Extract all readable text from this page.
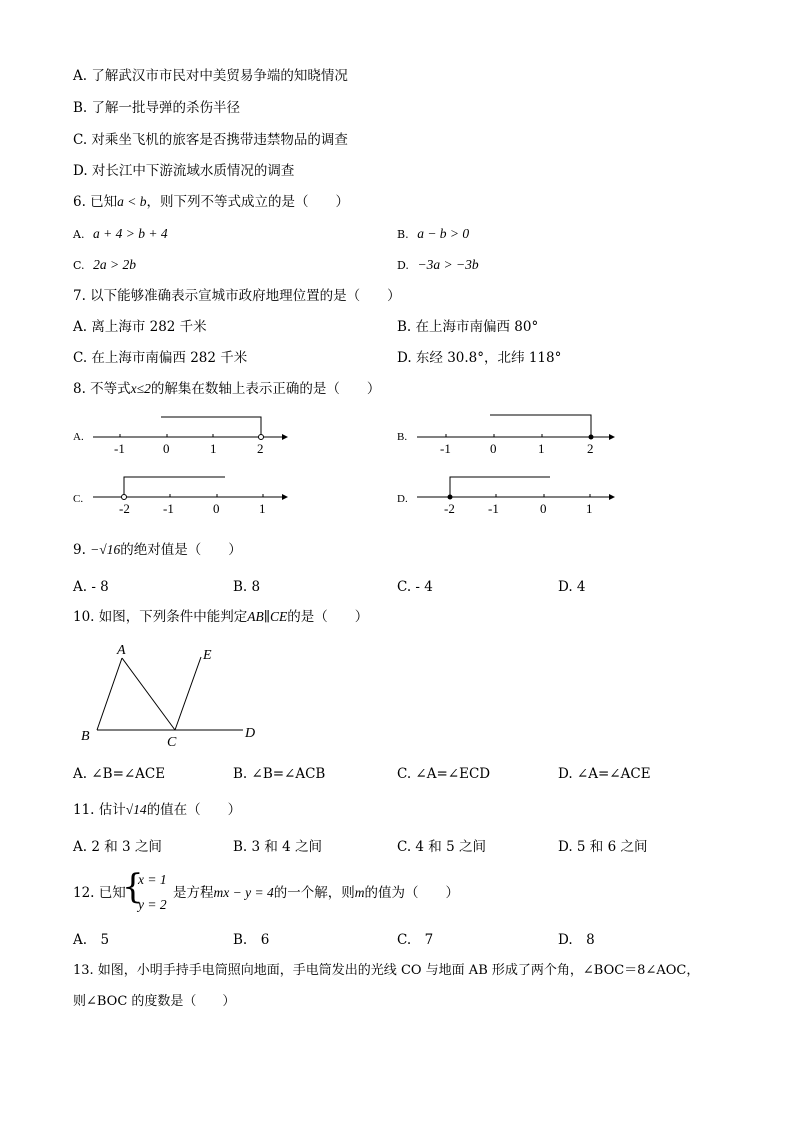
A. 了解武汉市市民对中美贸易争端的知晓情况
B. 了解一批导弹的杀伤半径
C. 对乘坐飞机的旅客是否携带违禁物品的调查
D. 对长江中下游流域水质情况的调查
6. 已知a < b，则下列不等式成立的是（　　）
A. a + 4 > b + 4	B. a − b > 0
C. 2a > 2b	D. −3a > −3b
7. 以下能够准确表示宣城市政府地理位置的是（　　）
A. 离上海市 282 千米	B. 在上海市南偏西 80°
C. 在上海市南偏西 282 千米	D. 东经 30.8°，北纬 118°
8. 不等式x≤2的解集在数轴上表示正确的是（　　）
A.
-1	0	1	2
B.
-1	0	1	2
C.
-2	-1	0	1
D.
-2	-1	0	1
9. −√16的绝对值是（　　）
A. - 8	B. 8	C. - 4	D. 4
10. 如图，下列条件中能判定AB∥CE的是（　　）
A	E
B	C
D
A. ∠B=∠ACE	B. ∠B=∠ACB	C. ∠A=∠ECD	D. ∠A=∠ACE
11. 估计√14的值在（　　）
A. 2 和 3 之间	B. 3 和 4 之间	C. 4 和 5 之间	D. 5 和 6 之间
12. 已知
{
x = 1
y = 2
是方程mx − y = 4的一个解，则m的值为（　　）
A.　5	B.　6	C.　7	D.　8
13. 如图，小明手持手电筒照向地面，手电筒发出的光线 CO 与地面 AB 形成了两个角，∠BOC＝8∠AOC，
则∠BOC 的度数是（　　）
